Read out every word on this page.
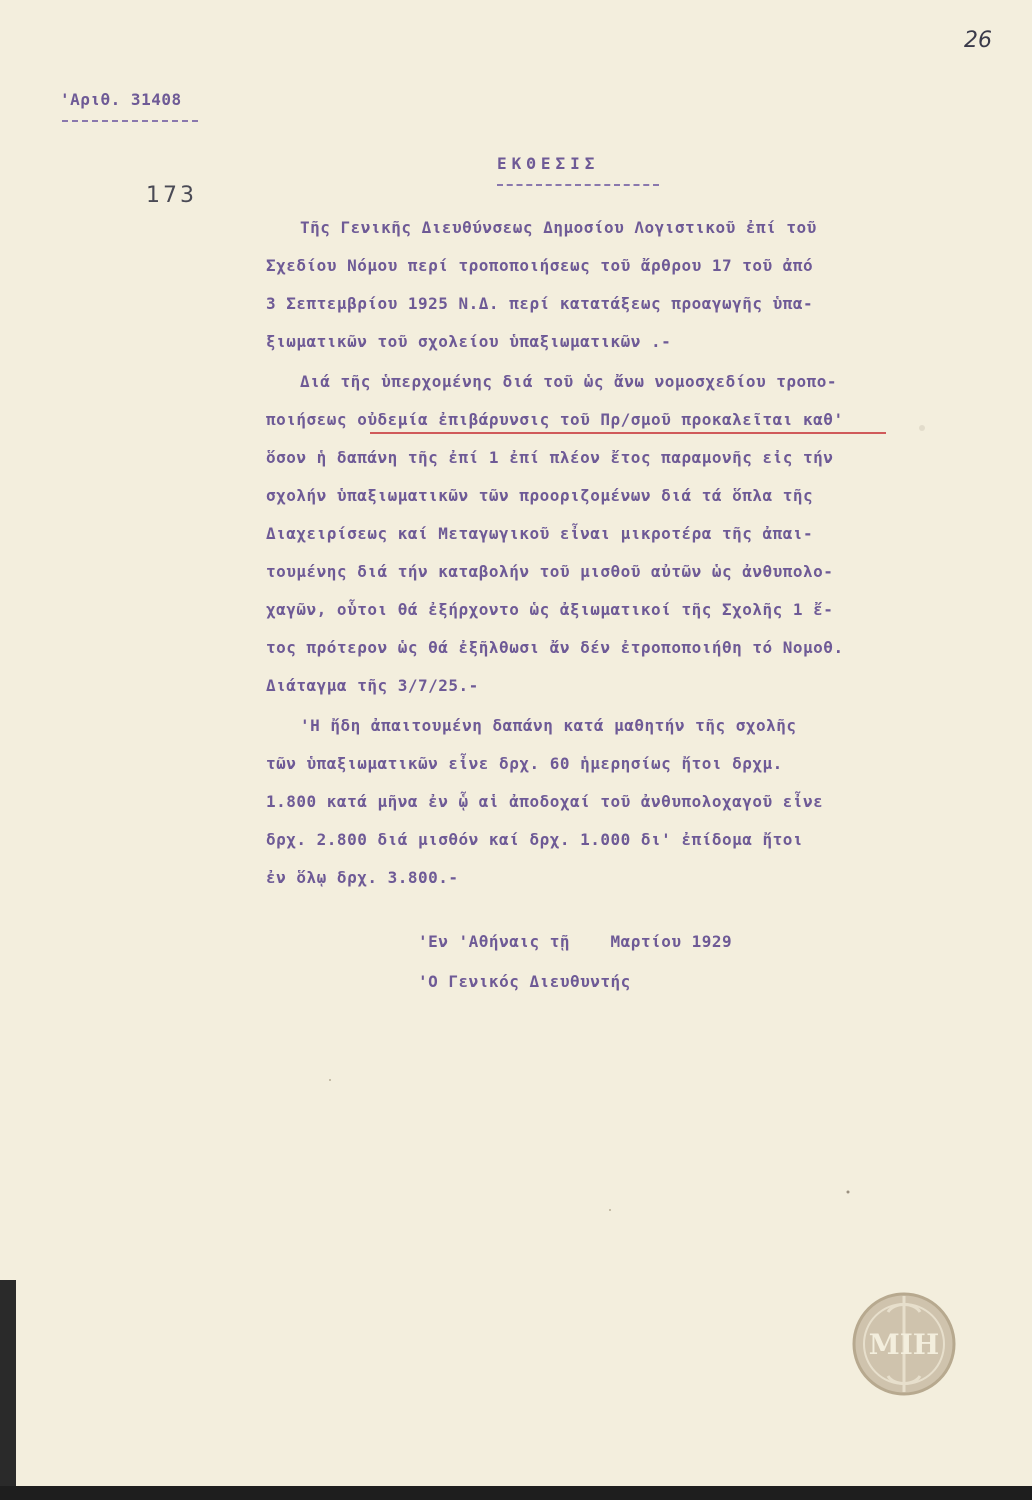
26
'Αριθ. 31408
173
ΕΚΘΕΣΙΣ
Τῆς Γενικῆς Διευθύνσεως Δημοσίου Λογιστικοῦ ἐπί τοῦ
Σχεδίου Νόμου περί τροποποιήσεως τοῦ ἄρθρου 17 τοῦ ἀπό
3 Σεπτεμβρίου 1925 Ν.Δ. περί κατατάξεως προαγωγῆς ὑπα-
ξιωματικῶν τοῦ σχολείου ὑπαξιωματικῶν .-
Διά τῆς ὑπερχομένης διά τοῦ ὡς ἄνω νομοσχεδίου τροπο-
ποιήσεως οὐδεμία ἐπιβάρυνσις τοῦ Πρ/σμοῦ προκαλεῖται καθ'
ὅσον ἡ δαπάνη τῆς ἐπί 1 ἐπί πλέον ἔτος παραμονῆς εἰς τήν
σχολήν ὑπαξιωματικῶν τῶν προοριζομένων διά τά ὅπλα τῆς
Διαχειρίσεως καί Μεταγωγικοῦ εἶναι μικροτέρα τῆς ἀπαι-
τουμένης διά τήν καταβολήν τοῦ μισθοῦ αὐτῶν ὡς ἀνθυπολο-
χαγῶν, οὗτοι θά ἐξήρχοντο ὡς ἀξιωματικοί τῆς Σχολῆς 1 ἔ-
τος πρότερον ὡς θά ἐξῆλθωσι ἄν δέν ἐτροποποιήθη τό Νομοθ.
Διάταγμα τῆς 3/7/25.-
'Η ἤδη ἀπαιτουμένη δαπάνη κατά μαθητήν τῆς σχολῆς
τῶν ὑπαξιωματικῶν εἶνε δρχ. 60 ἡμερησίως ἤτοι δρχμ.
1.800 κατά μῆνα ἐν ᾧ αἱ ἀποδοχαί τοῦ ἀνθυπολοχαγοῦ εἶνε
δρχ. 2.800 διά μισθόν καί δρχ. 1.000 δι' ἐπίδομα ἤτοι
ἐν ὅλῳ δρχ. 3.800.-
'Εν 'Αθήναις τῇ    Μαρτίου 1929
'Ο Γενικός Διευθυντής
ΜΙΗ
